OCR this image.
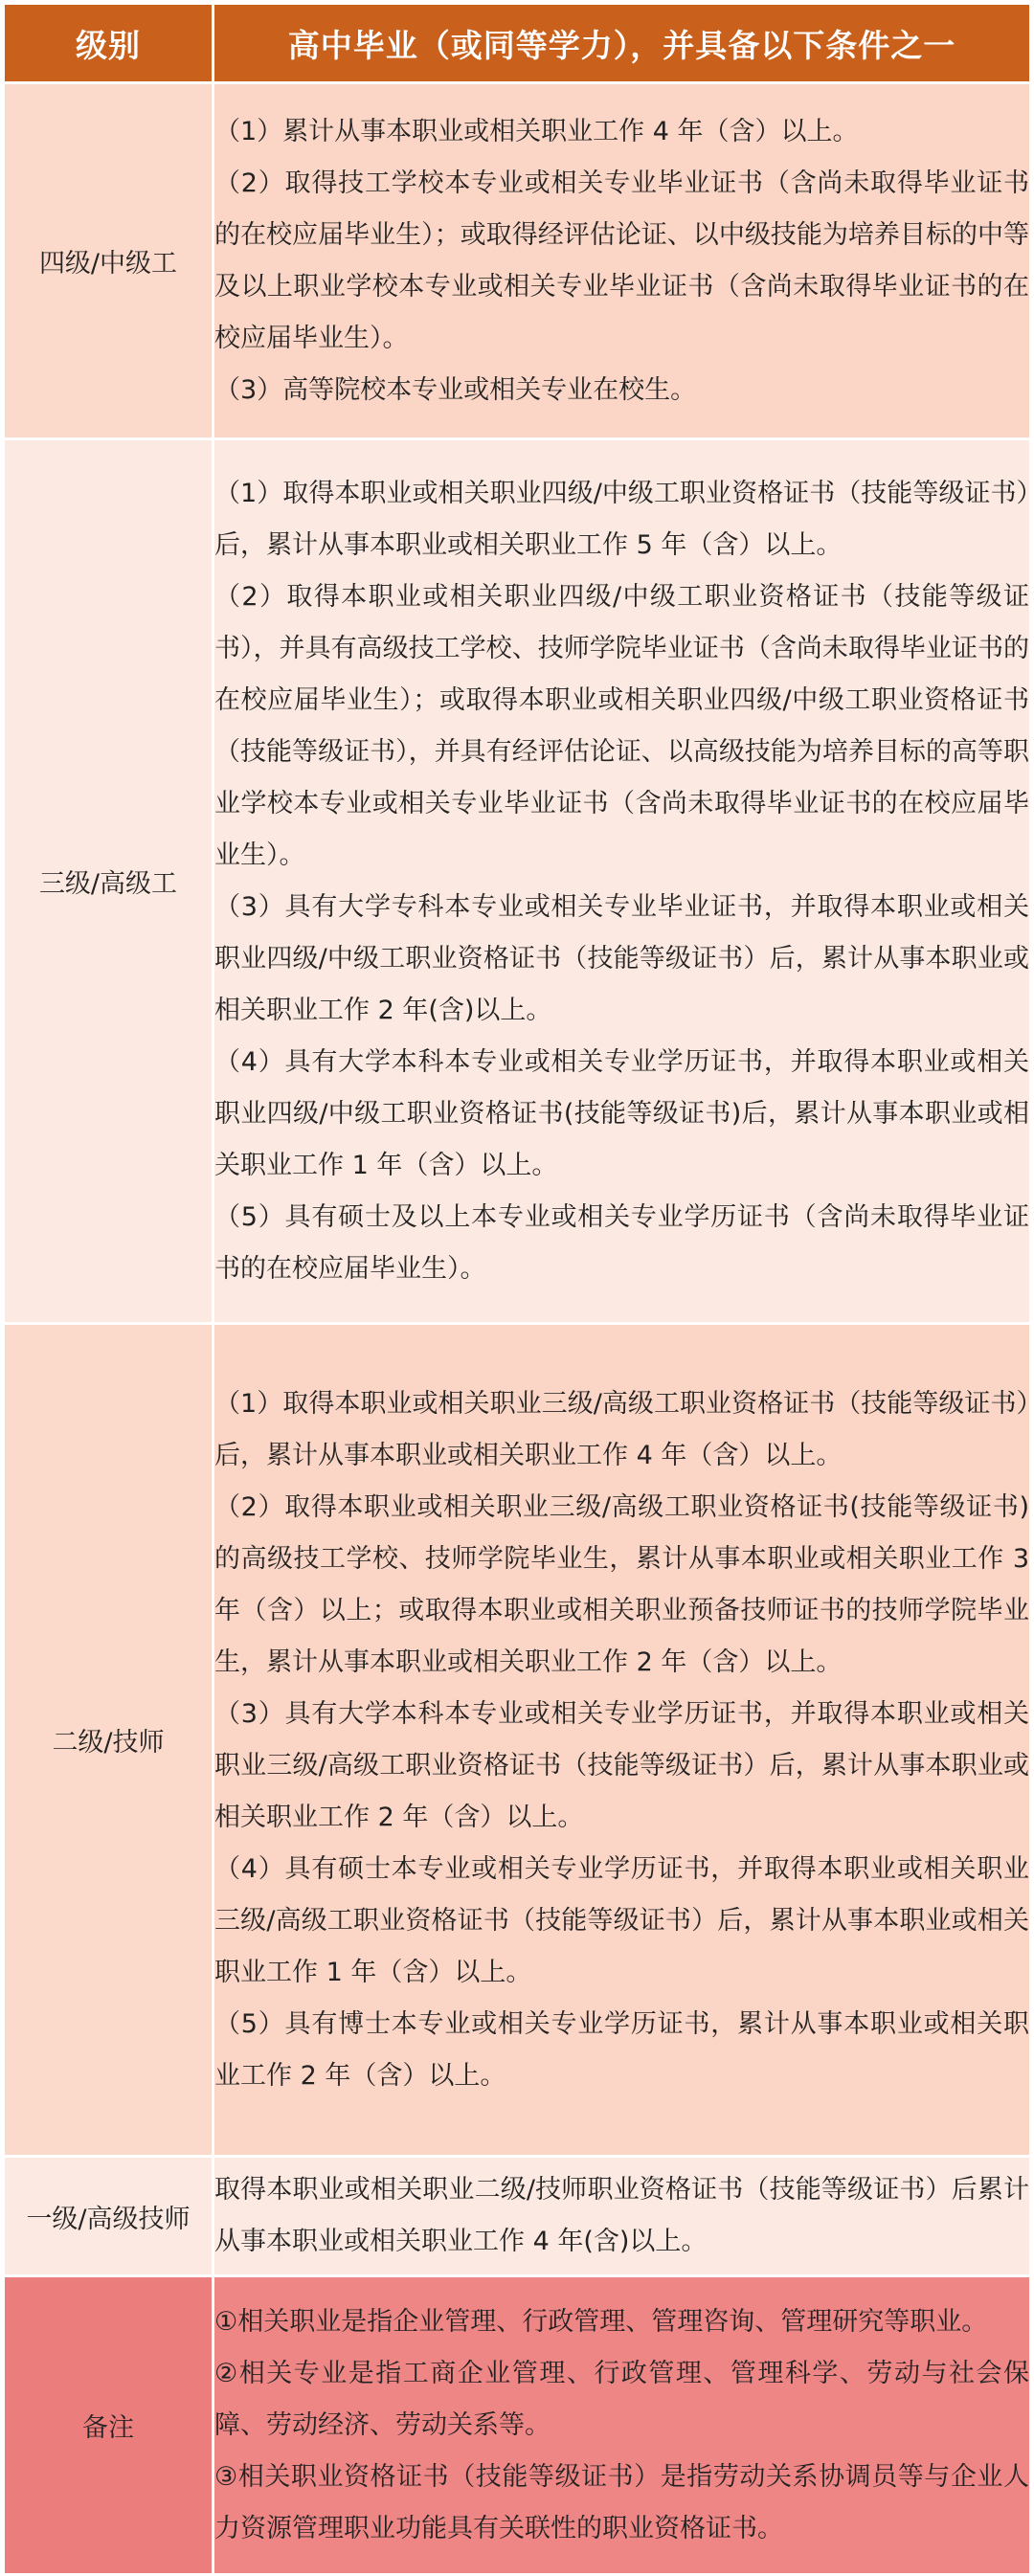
级别	高中毕业（或同等学力），并具备以下条件之一
四级/中级工	（1）累计从事本职业或相关职业工作 4 年（含）以上。

（2）取得技工学校本专业或相关专业毕业证书（含尚未取得毕业证书的在校应届毕业生）；或取得经评估论证、以中级技能为培养目标的中等及以上职业学校本专业或相关专业毕业证书（含尚未取得毕业证书的在校应届毕业生）。

（3）高等院校本专业或相关专业在校生。

三级/高级工	（1）取得本职业或相关职业四级/中级工职业资格证书（技能等级证书）后，累计从事本职业或相关职业工作 5 年（含）以上。

（2）取得本职业或相关职业四级/中级工职业资格证书（技能等级证书），并具有高级技工学校、技师学院毕业证书（含尚未取得毕业证书的在校应届毕业生）；或取得本职业或相关职业四级/中级工职业资格证书（技能等级证书），并具有经评估论证、以高级技能为培养目标的高等职业学校本专业或相关专业毕业证书（含尚未取得毕业证书的在校应届毕业生）。

（3）具有大学专科本专业或相关专业毕业证书，并取得本职业或相关职业四级/中级工职业资格证书（技能等级证书）后，累计从事本职业或相关职业工作 2 年(含)以上。

（4）具有大学本科本专业或相关专业学历证书，并取得本职业或相关职业四级/中级工职业资格证书(技能等级证书)后，累计从事本职业或相关职业工作 1 年（含）以上。

（5）具有硕士及以上本专业或相关专业学历证书（含尚未取得毕业证书的在校应届毕业生）。

二级/技师	（1）取得本职业或相关职业三级/高级工职业资格证书（技能等级证书）后，累计从事本职业或相关职业工作 4 年（含）以上。

（2）取得本职业或相关职业三级/高级工职业资格证书(技能等级证书)的高级技工学校、技师学院毕业生，累计从事本职业或相关职业工作 3 年（含）以上；或取得本职业或相关职业预备技师证书的技师学院毕业生，累计从事本职业或相关职业工作 2 年（含）以上。

（3）具有大学本科本专业或相关专业学历证书，并取得本职业或相关职业三级/高级工职业资格证书（技能等级证书）后，累计从事本职业或相关职业工作 2 年（含）以上。

（4）具有硕士本专业或相关专业学历证书，并取得本职业或相关职业三级/高级工职业资格证书（技能等级证书）后，累计从事本职业或相关职业工作 1 年（含）以上。

（5）具有博士本专业或相关专业学历证书，累计从事本职业或相关职业工作 2 年（含）以上。

一级/高级技师	取得本职业或相关职业二级/技师职业资格证书（技能等级证书）后累计从事本职业或相关职业工作 4 年(含)以上。

备注	①相关职业是指企业管理、行政管理、管理咨询、管理研究等职业。

②相关专业是指工商企业管理、行政管理、管理科学、劳动与社会保障、劳动经济、劳动关系等。

③相关职业资格证书（技能等级证书）是指劳动关系协调员等与企业人力资源管理职业功能具有关联性的职业资格证书。
